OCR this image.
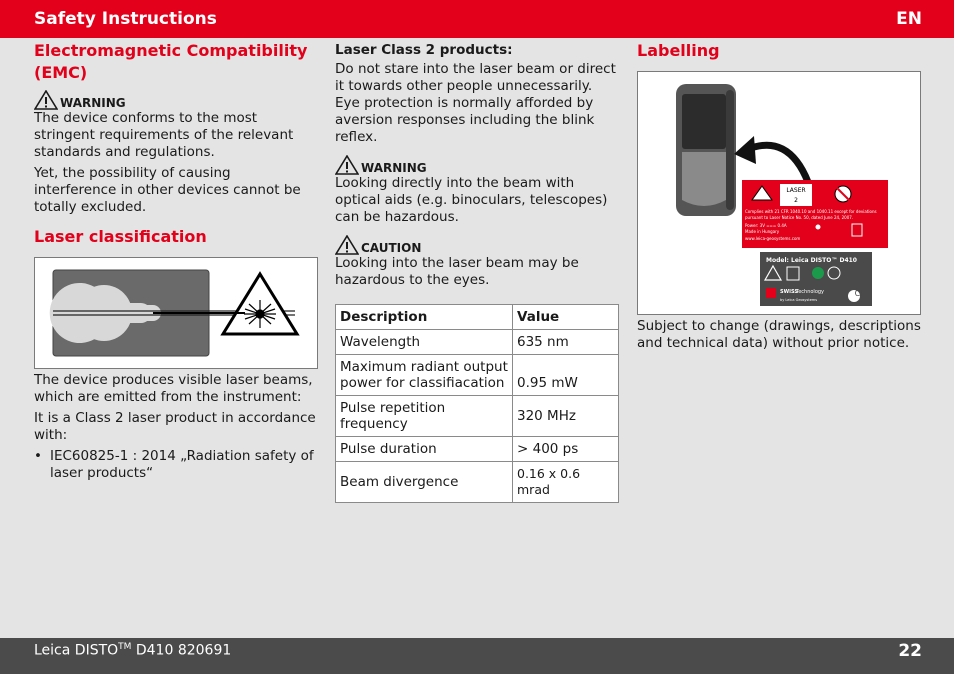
Safety Instructions	EN
Electromagnetic Compatibility (EMC)
WARNING

The device conforms to the most stringent requirements of the relevant standards and regulations.

Yet, the possibility of causing interference in other devices cannot be totally excluded.

Laser classification

The device produces visible laser beams, which are emitted from the instrument:

It is a Class 2 laser product in accordance with:

• IEC60825-1 : 2014 „Radiation safety of laser products“

Laser Class 2 products:

Do not stare into the laser beam or direct it towards other people unnecessarily. Eye protection is normally afforded by aversion responses including the blink reflex.

WARNING

Looking directly into the beam with optical aids (e.g. binoculars, telescopes) can be hazardous.

CAUTION

Looking into the laser beam may be hazardous to the eyes.

Description	Value
Wavelength	635 nm
Maximum radiant output power for classifiacation	0.95 mW
Pulse repetition frequency	320 MHz
Pulse duration	> 400 ps
Beam divergence	0.16 x 0.6 mrad
Labelling
LASER
2
Complies with 21 CFR 1040.10 and 1040.11 except for deviations
pursuant to Laser Notice No. 50, dated June 24, 2007.
Power: 3V === 0.4A
Made in Hungary
www.leica-geosystems.com
Model: Leica DISTO™ D410
SWISS
Technology
by Leica Geosystems
CE

Subject to change (drawings, descriptions and technical data) without prior notice.

Leica DISTO™ D410 820691	22
